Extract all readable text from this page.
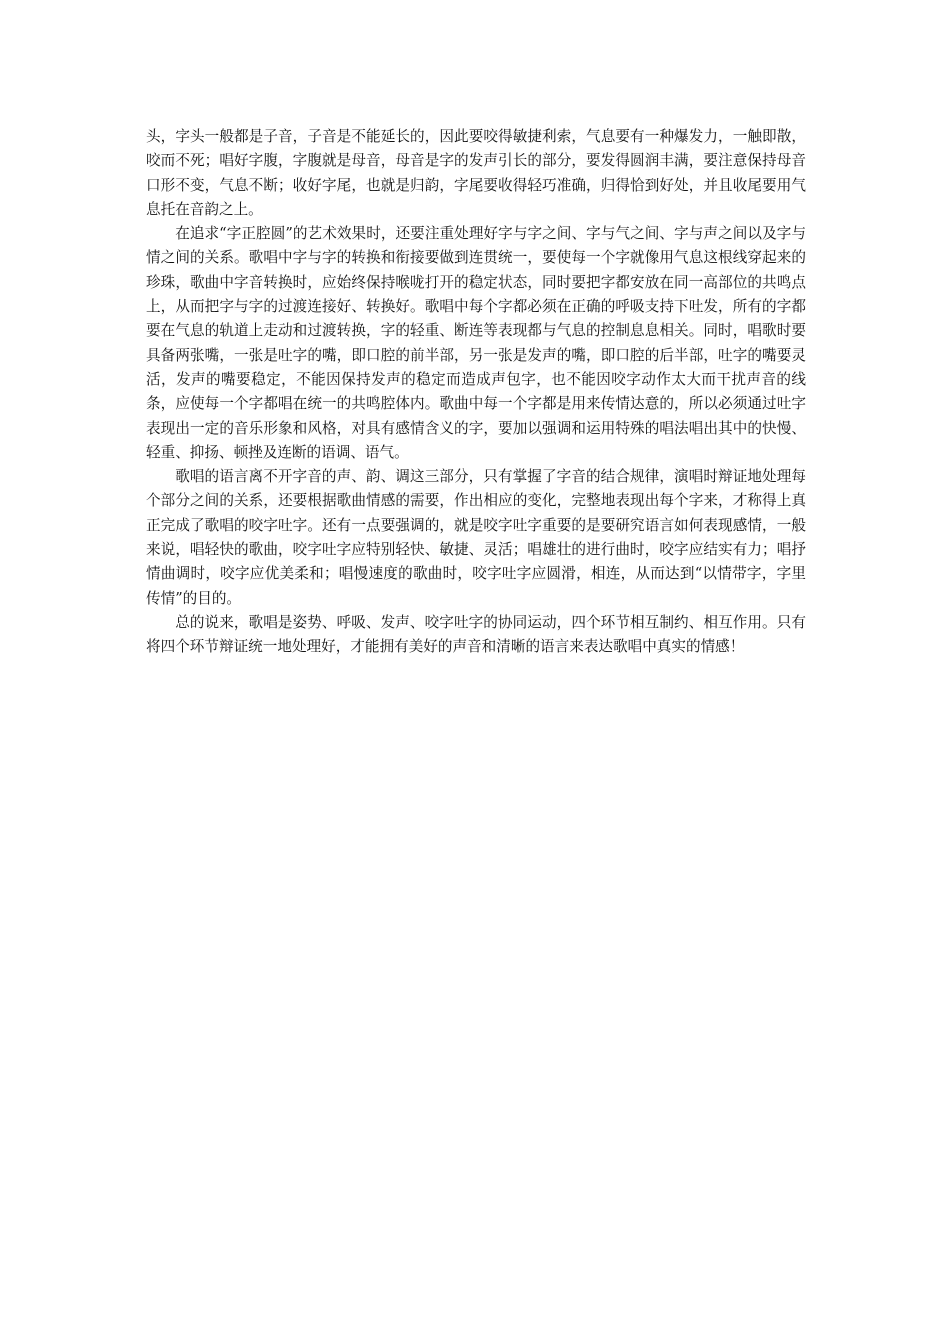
头，字头一般都是子音，子音是不能延长的，因此要咬得敏捷利索，气息要有一种爆发力，一触即散，咬而不死；唱好字腹，字腹就是母音，母音是字的发声引长的部分，要发得圆润丰满，要注意保持母音口形不变，气息不断；收好字尾，也就是归韵，字尾要收得轻巧准确，归得恰到好处，并且收尾要用气息托在音韵之上。

在追求“字正腔圆”的艺术效果时，还要注重处理好字与字之间、字与气之间、字与声之间以及字与情之间的关系。歌唱中字与字的转换和衔接要做到连贯统一，要使每一个字就像用气息这根线穿起来的珍珠，歌曲中字音转换时，应始终保持喉咙打开的稳定状态，同时要把字都安放在同一高部位的共鸣点上，从而把字与字的过渡连接好、转换好。歌唱中每个字都必须在正确的呼吸支持下吐发，所有的字都要在气息的轨道上走动和过渡转换，字的轻重、断连等表现都与气息的控制息息相关。同时，唱歌时要具备两张嘴，一张是吐字的嘴，即口腔的前半部，另一张是发声的嘴，即口腔的后半部，吐字的嘴要灵活，发声的嘴要稳定，不能因保持发声的稳定而造成声包字，也不能因咬字动作太大而干扰声音的线条，应使每一个字都唱在统一的共鸣腔体内。歌曲中每一个字都是用来传情达意的，所以必须通过吐字表现出一定的音乐形象和风格，对具有感情含义的字，要加以强调和运用特殊的唱法唱出其中的快慢、轻重、抑扬、顿挫及连断的语调、语气。

歌唱的语言离不开字音的声、韵、调这三部分，只有掌握了字音的结合规律，演唱时辩证地处理每个部分之间的关系，还要根据歌曲情感的需要，作出相应的变化，完整地表现出每个字来，才称得上真正完成了歌唱的咬字吐字。还有一点要强调的，就是咬字吐字重要的是要研究语言如何表现感情，一般来说，唱轻快的歌曲，咬字吐字应特别轻快、敏捷、灵活；唱雄壮的进行曲时，咬字应结实有力；唱抒情曲调时，咬字应优美柔和；唱慢速度的歌曲时，咬字吐字应圆滑，相连，从而达到“以情带字，字里传情”的目的。

总的说来，歌唱是姿势、呼吸、发声、咬字吐字的协同运动，四个环节相互制约、相互作用。只有将四个环节辩证统一地处理好，才能拥有美好的声音和清晰的语言来表达歌唱中真实的情感！
